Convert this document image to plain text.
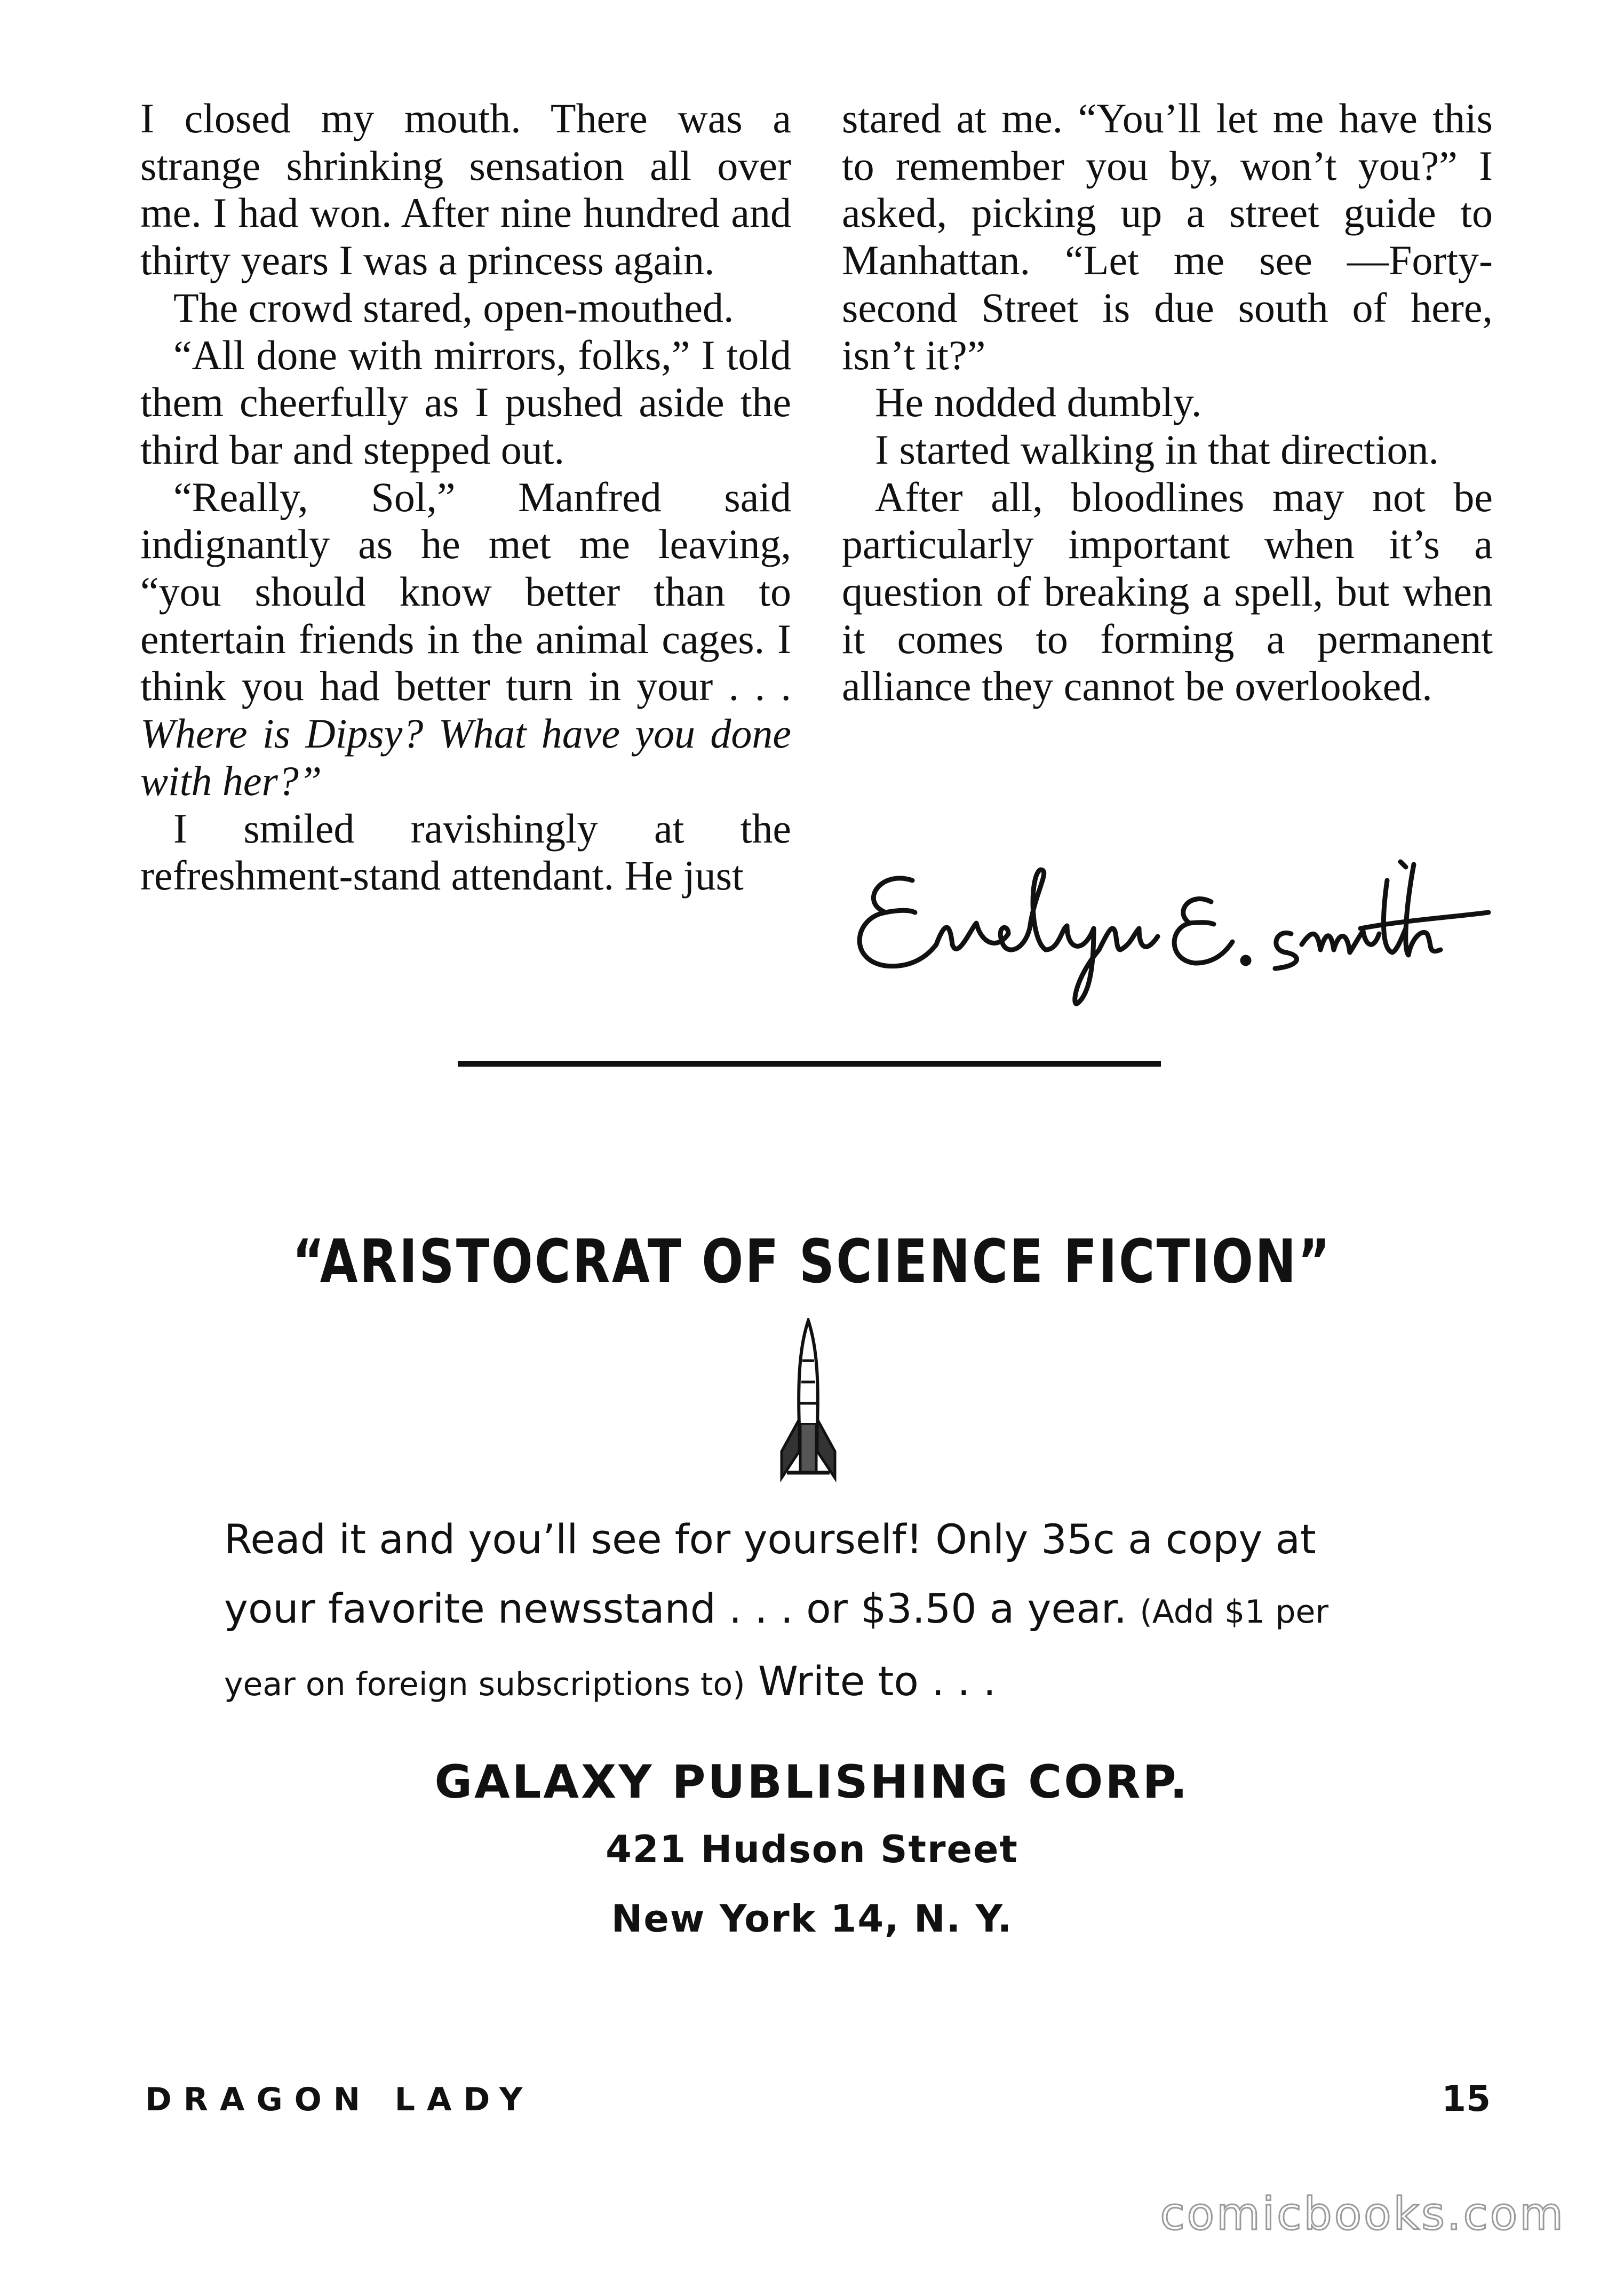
I closed my mouth. There was a strange shrinking sensation all over me. I had won. After nine hundred and thirty years I was a princess again.

The crowd stared, open-mouthed.

“All done with mirrors, folks,” I told them cheerfully as I pushed aside the third bar and stepped out.

“Really, Sol,” Manfred said indignantly as he met me leaving, “you should know better than to entertain friends in the animal cages. I think you had better turn in your . . . Where is Dipsy? What have you done with her?”

I smiled ravishingly at the refreshment-stand attendant. He just

stared at me. “You’ll let me have this to remember you by, won’t you?” I asked, picking up a street guide to Manhattan. “Let me see —Forty-second Street is due south of here, isn’t it?”

He nodded dumbly.

I started walking in that direction.

After all, bloodlines may not be particularly important when it’s a question of breaking a spell, but when it comes to forming a permanent alliance they cannot be overlooked.

“ARISTOCRAT OF SCIENCE FICTION”
Read it and you’ll see for yourself! Only 35c a copy at
your favorite newsstand . . . or $3.50 a year. (Add $1 per
year on foreign subscriptions to) Write to . . .
GALAXY PUBLISHING CORP.
421 Hudson Street
New York 14, N. Y.
DRAGON LADY	15
comicbooks.com
